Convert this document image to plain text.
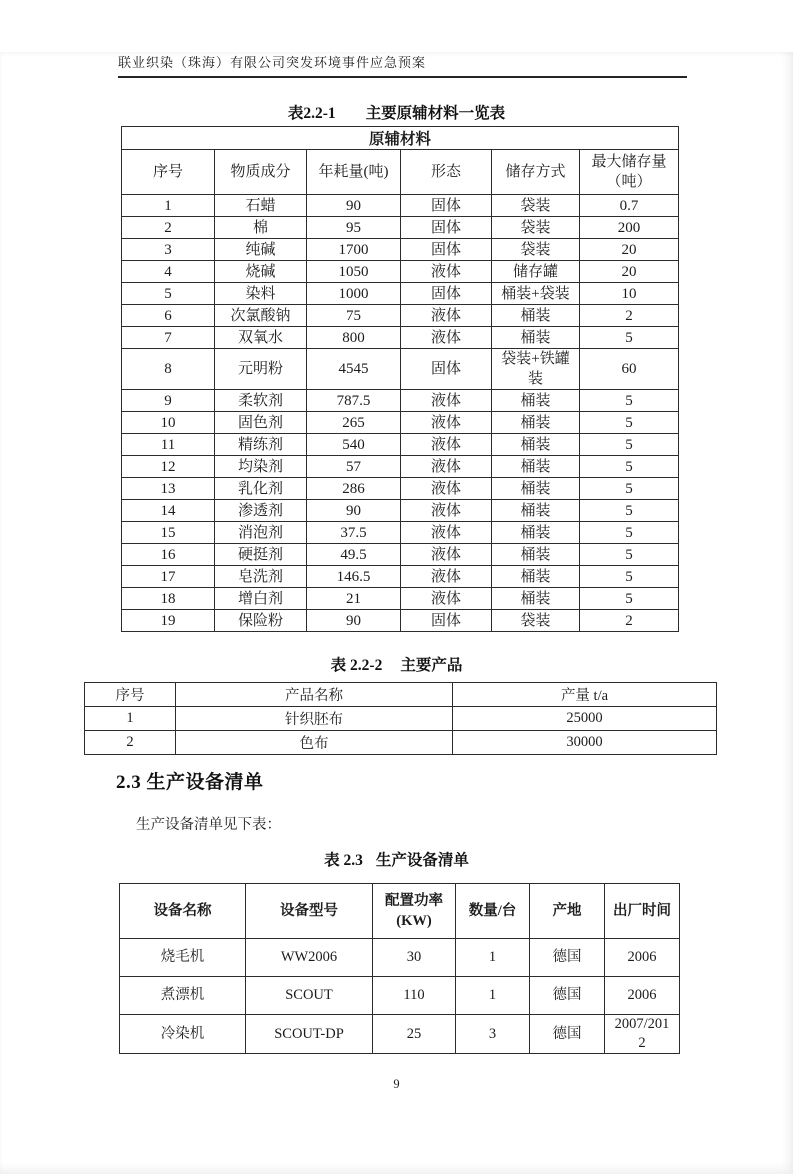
联业织染（珠海）有限公司突发环境事件应急预案
表2.2-1 主要原辅材料一览表
原辅材料					
序号	物质成分	年耗量(吨)	形态	储存方式	最大储存量（吨）
1	石蜡	90	固体	袋装	0.7
2	棉	95	固体	袋装	200
3	纯碱	1700	固体	袋装	20
4	烧碱	1050	液体	储存罐	20
5	染料	1000	固体	桶装+袋装	10
6	次氯酸钠	75	液体	桶装	2
7	双氧水	800	液体	桶装	5
8	元明粉	4545	固体	袋装+铁罐装	60
9	柔软剂	787.5	液体	桶装	5
10	固色剂	265	液体	桶装	5
11	精练剂	540	液体	桶装	5
12	均染剂	57	液体	桶装	5
13	乳化剂	286	液体	桶装	5
14	渗透剂	90	液体	桶装	5
15	消泡剂	37.5	液体	桶装	5
16	硬挺剂	49.5	液体	桶装	5
17	皂洗剂	146.5	液体	桶装	5
18	增白剂	21	液体	桶装	5
19	保险粉	90	固体	袋装	2
表 2.2-2 主要产品
序号	产品名称	产量 t/a
1	针织胚布	25000
2	色布	30000
2.3 生产设备清单
生产设备清单见下表：
表 2.3 生产设备清单
设备名称	设备型号	配置功率(KW)	数量/台	产地	出厂时间
烧毛机	WW2006	30	1	德国	2006
煮漂机	SCOUT	110	1	德国	2006
冷染机	SCOUT-DP	25	3	德国	2007/2012
9
